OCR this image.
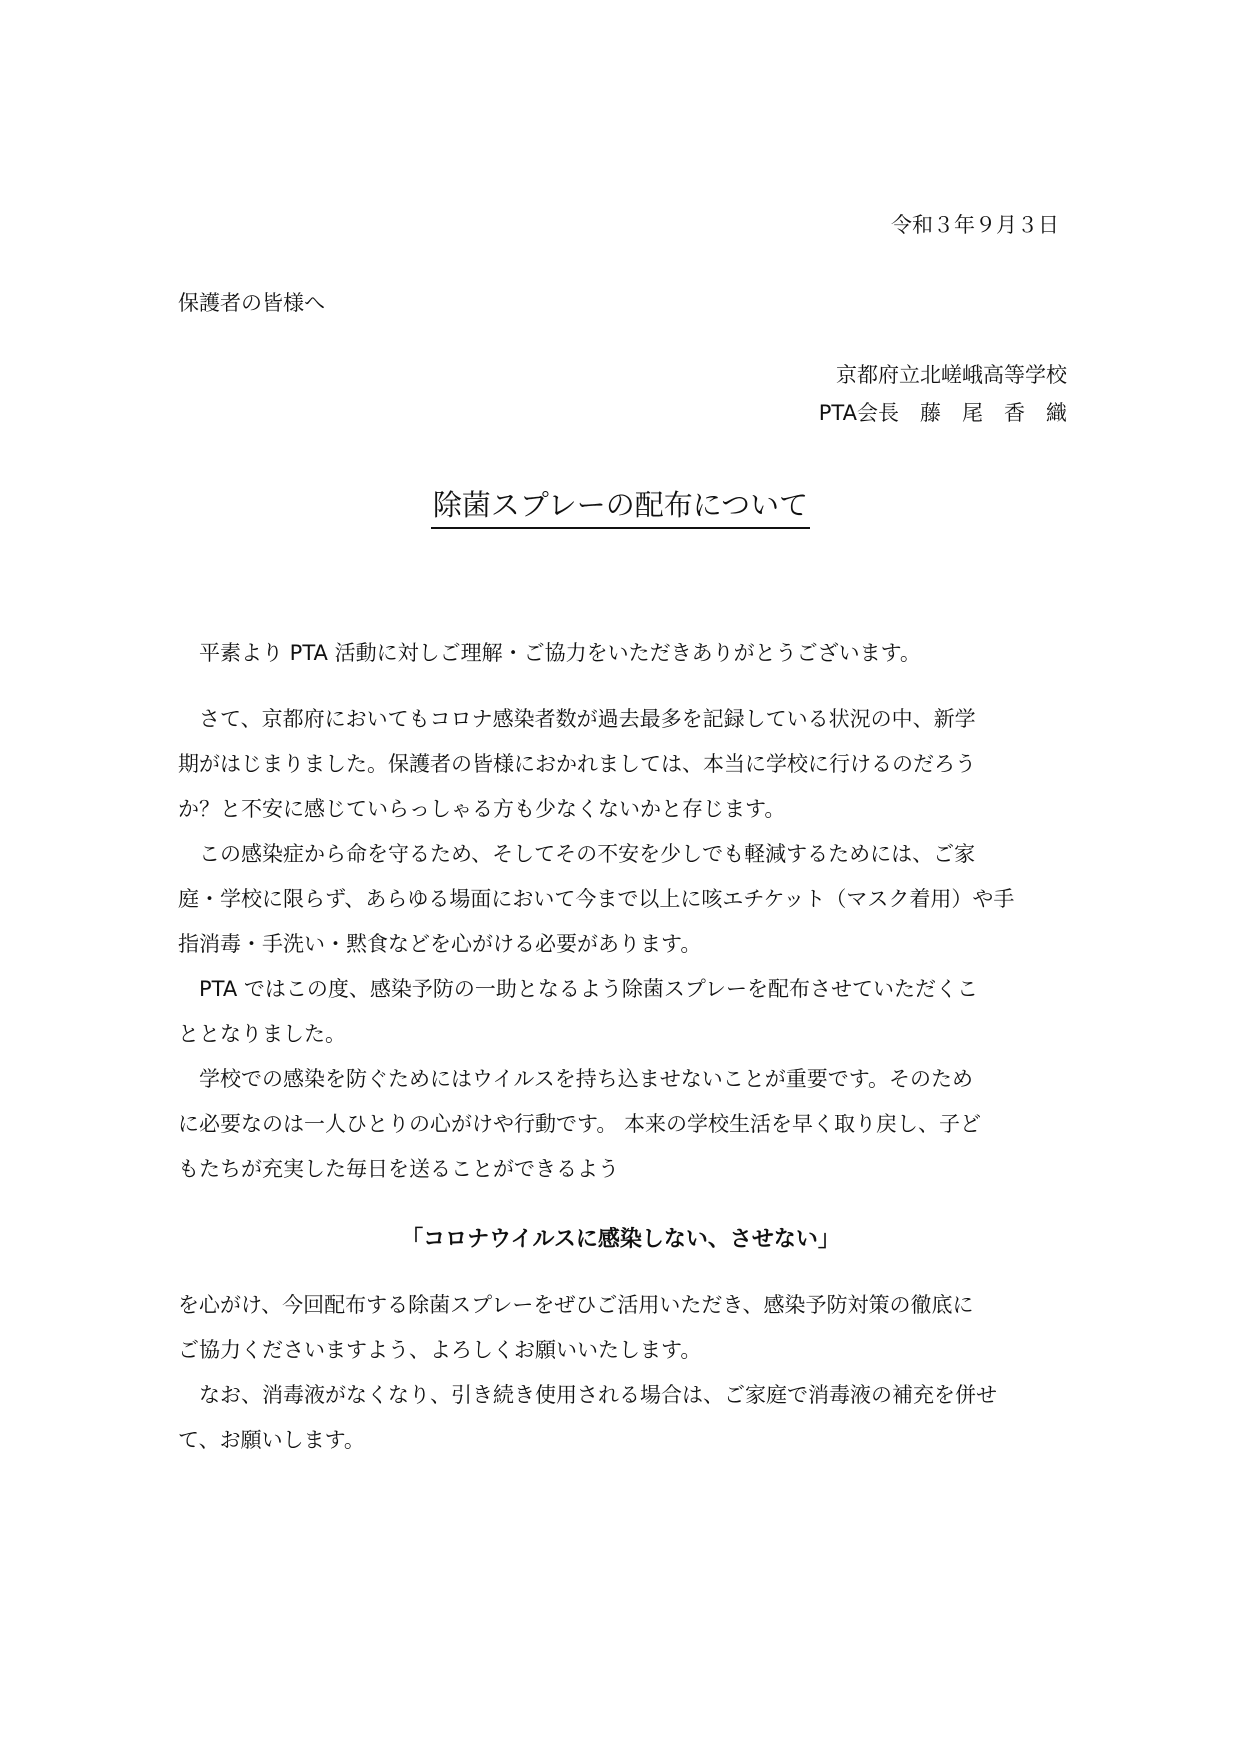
令和３年９月３日
保護者の皆様へ
京都府立北嵯峨高等学校
PTA会長　藤　尾　香　織
除菌スプレーの配布について
　平素より PTA 活動に対しご理解・ご協力をいただきありがとうございます。
　さて、京都府においてもコロナ感染者数が過去最多を記録している状況の中、新学
期がはじまりました。保護者の皆様におかれましては、本当に学校に行けるのだろう
か？と不安に感じていらっしゃる方も少なくないかと存じます。
　この感染症から命を守るため、そしてその不安を少しでも軽減するためには、ご家
庭・学校に限らず、あらゆる場面において今まで以上に咳エチケット（マスク着用）や手
指消毒・手洗い・黙食などを心がける必要があります。
　PTA ではこの度、感染予防の一助となるよう除菌スプレーを配布させていただくこ
ととなりました。
　学校での感染を防ぐためにはウイルスを持ち込ませないことが重要です。そのため
に必要なのは一人ひとりの心がけや行動です。 本来の学校生活を早く取り戻し、子ど
もたちが充実した毎日を送ることができるよう
「コロナウイルスに感染しない、させない」
を心がけ、今回配布する除菌スプレーをぜひご活用いただき、感染予防対策の徹底に
ご協力くださいますよう、よろしくお願いいたします。
　なお、消毒液がなくなり、引き続き使用される場合は、ご家庭で消毒液の補充を併せ
て、お願いします。
